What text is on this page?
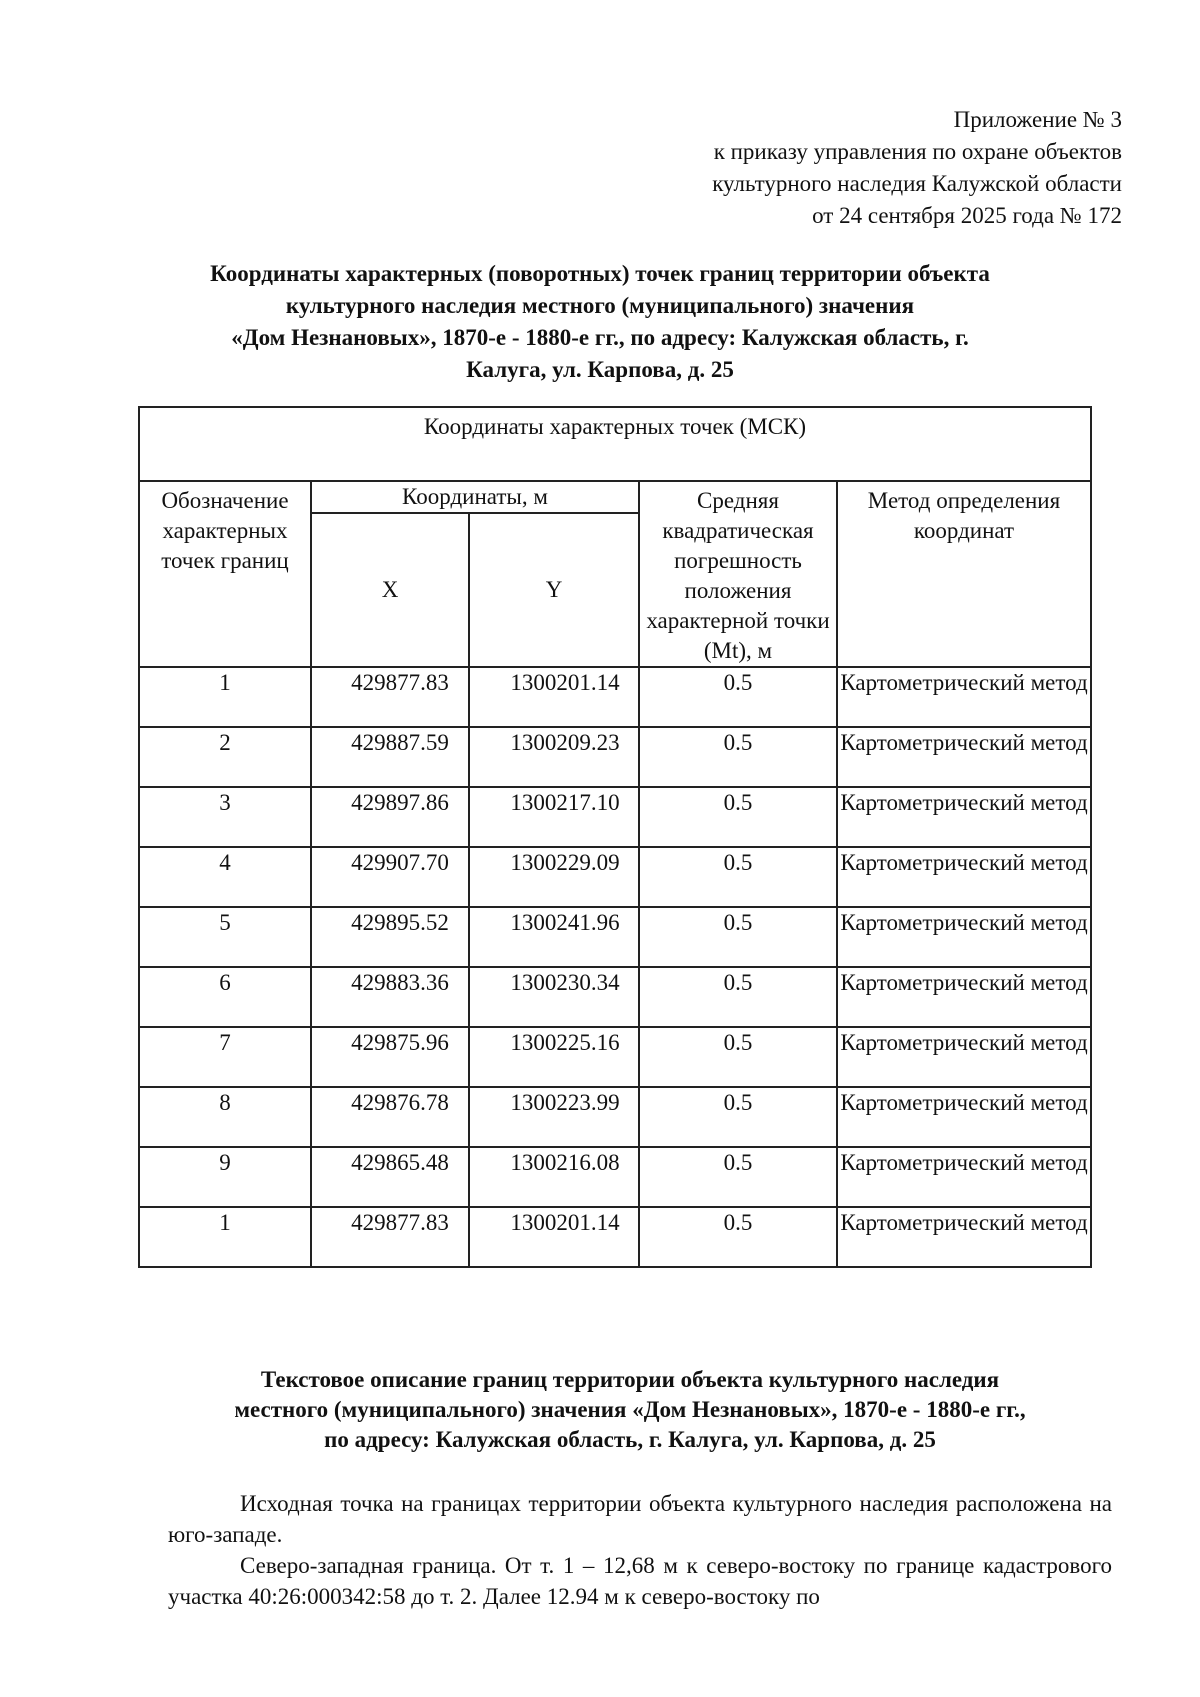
Приложение № 3
к приказу управления по охране объектов
культурного наследия Калужской области
от 24 сентября 2025 года № 172
Координаты характерных (поворотных) точек границ территории объекта
культурного наследия местного (муниципального) значения
«Дом Незнановых», 1870-е - 1880-е гг., по адресу: Калужская область, г.
Калуга, ул. Карпова, д. 25
Координаты характерных точек (МСК)				
Обозначение характерных точек границ	Координаты, м		Средняя квадратическая погрешность положения характерной точки (Mt), м	Метод определения координат
	X	Y		
1	429877.83	1300201.14	0.5	Картометрический метод
2	429887.59	1300209.23	0.5	Картометрический метод
3	429897.86	1300217.10	0.5	Картометрический метод
4	429907.70	1300229.09	0.5	Картометрический метод
5	429895.52	1300241.96	0.5	Картометрический метод
6	429883.36	1300230.34	0.5	Картометрический метод
7	429875.96	1300225.16	0.5	Картометрический метод
8	429876.78	1300223.99	0.5	Картометрический метод
9	429865.48	1300216.08	0.5	Картометрический метод
1	429877.83	1300201.14	0.5	Картометрический метод
Текстовое описание границ территории объекта культурного наследия
местного (муниципального) значения «Дом Незнановых», 1870-е - 1880-е гг.,
по адресу: Калужская область, г. Калуга, ул. Карпова, д. 25
Исходная точка на границах территории объекта культурного наследия расположена на юго-западе.
Северо-западная граница. От т. 1 – 12,68 м к северо-востоку по границе кадастрового участка 40:26:000342:58 до т. 2. Далее 12.94 м к северо-востоку по
